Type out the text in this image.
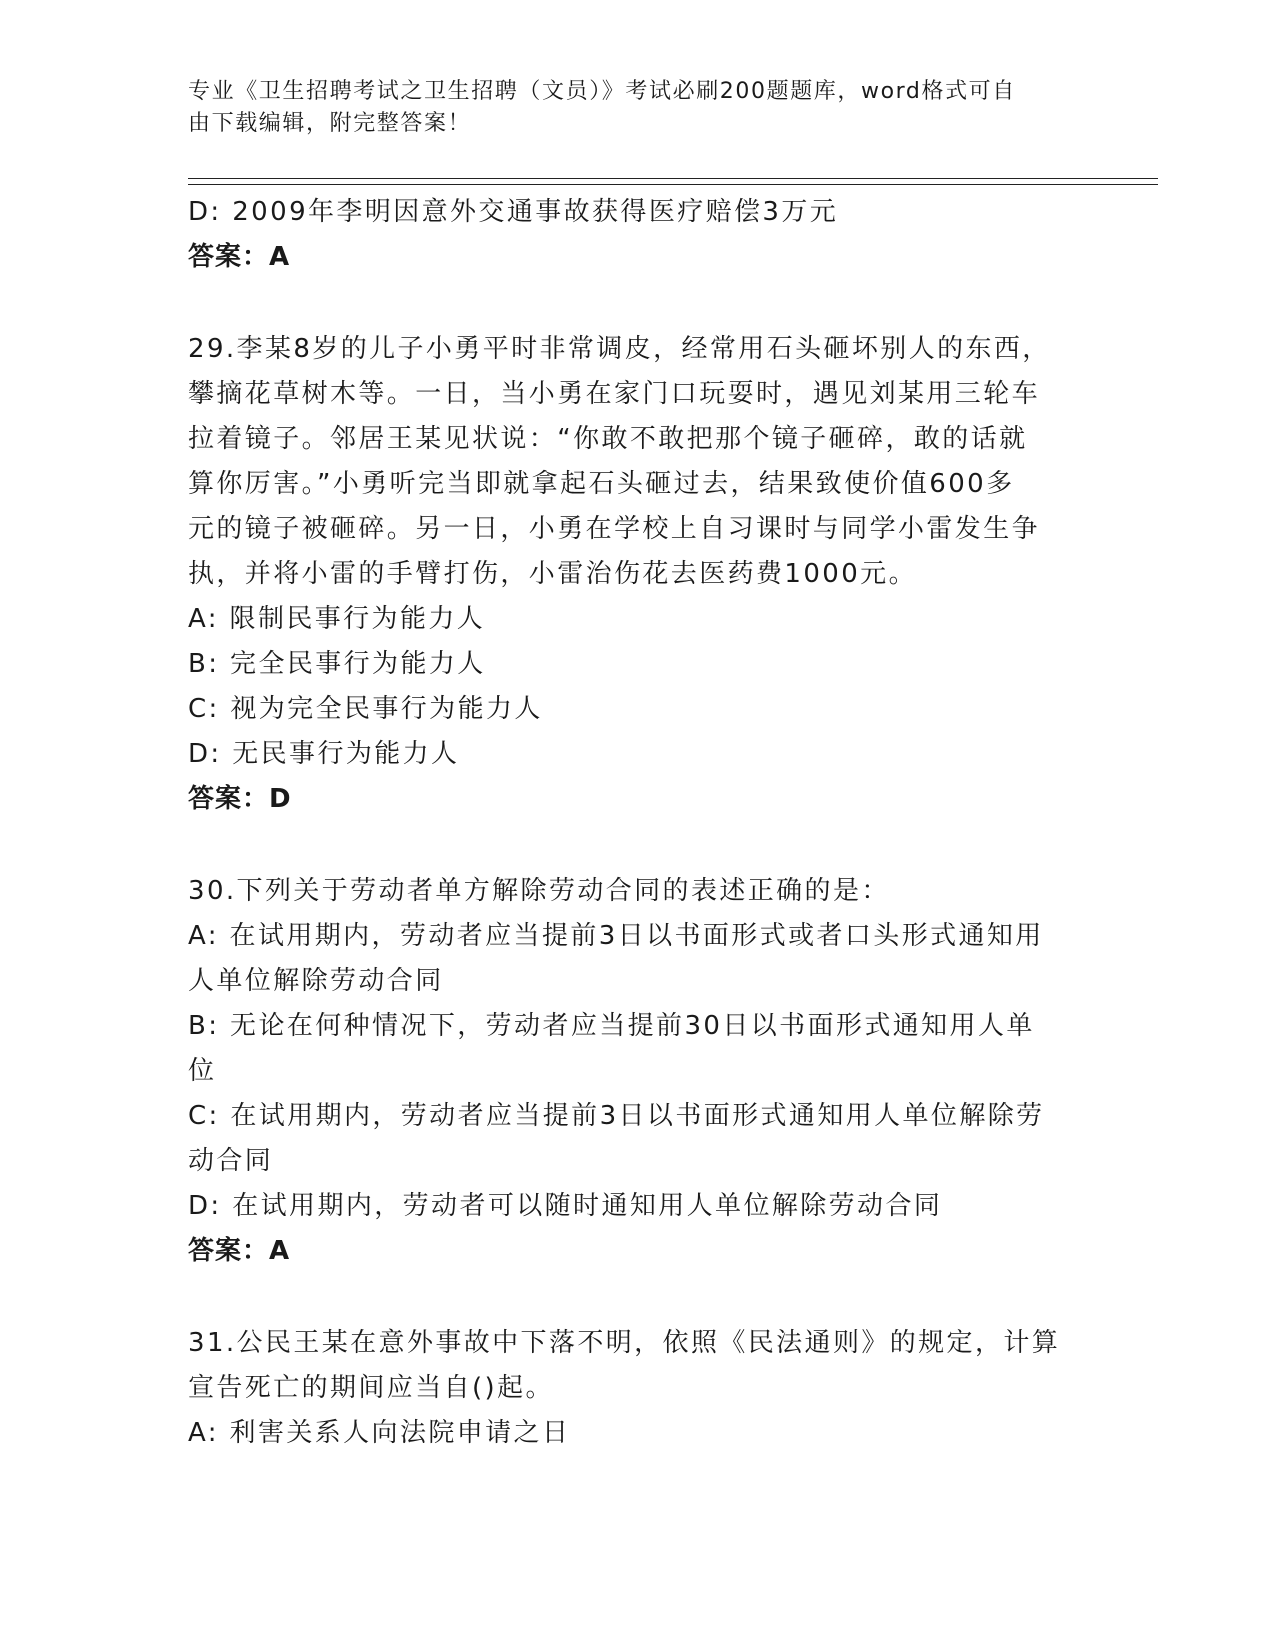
专业《卫生招聘考试之卫生招聘（文员）》考试必刷200题题库，word格式可自
由下载编辑，附完整答案！
D: 2009年李明因意外交通事故获得医疗赔偿3万元
答案：A
29.李某8岁的儿子小勇平时非常调皮，经常用石头砸坏别人的东西，
攀摘花草树木等。一日，当小勇在家门口玩耍时，遇见刘某用三轮车
拉着镜子。邻居王某见状说：“你敢不敢把那个镜子砸碎，敢的话就
算你厉害。”小勇听完当即就拿起石头砸过去，结果致使价值600多
元的镜子被砸碎。另一日，小勇在学校上自习课时与同学小雷发生争
执，并将小雷的手臂打伤，小雷治伤花去医药费1000元。
A: 限制民事行为能力人
B: 完全民事行为能力人
C: 视为完全民事行为能力人
D: 无民事行为能力人
答案：D
30.下列关于劳动者单方解除劳动合同的表述正确的是：
A: 在试用期内，劳动者应当提前3日以书面形式或者口头形式通知用
人单位解除劳动合同
B: 无论在何种情况下，劳动者应当提前30日以书面形式通知用人单
位
C: 在试用期内，劳动者应当提前3日以书面形式通知用人单位解除劳
动合同
D: 在试用期内，劳动者可以随时通知用人单位解除劳动合同
答案：A
31.公民王某在意外事故中下落不明，依照《民法通则》的规定，计算
宣告死亡的期间应当自()起。
A: 利害关系人向法院申请之日
